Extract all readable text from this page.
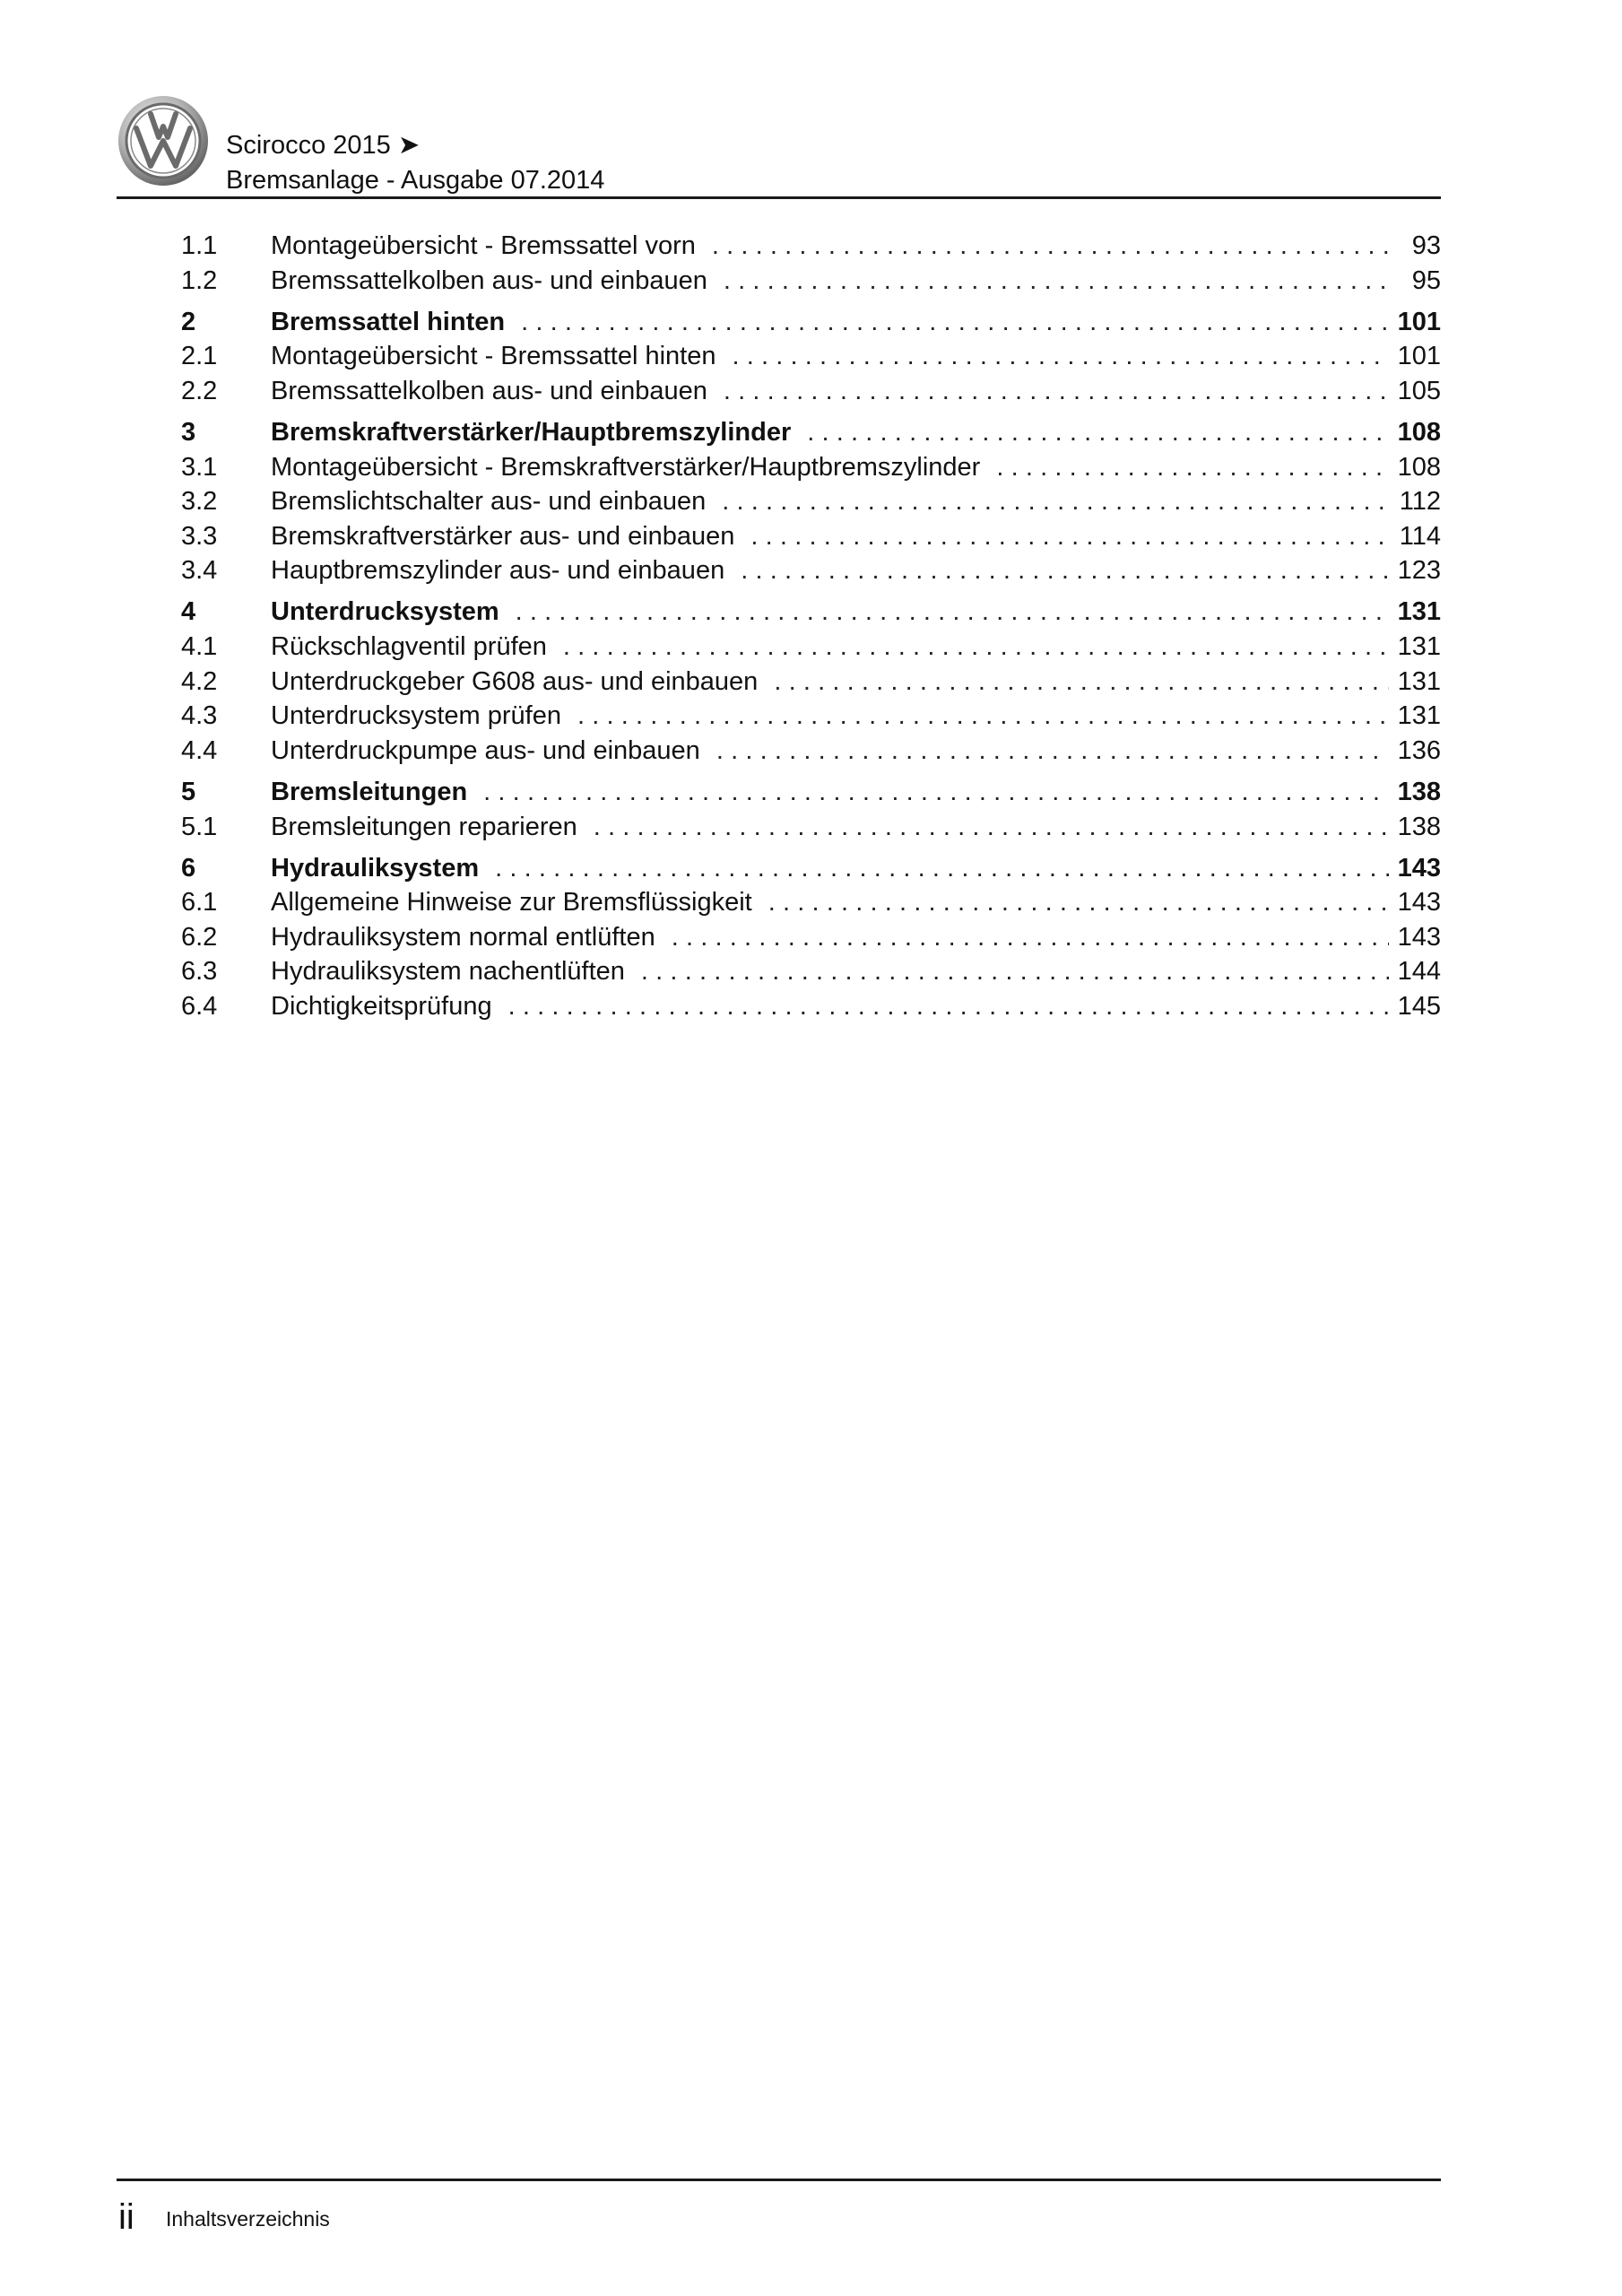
Scirocco 2015 ➤
Bremsanlage - Ausgabe 07.2014
1.1	Montageübersicht - Bremssattel vorn .....	93
1.2	Bremssattelkolben aus- und einbauen .....	95
2	Bremssattel hinten .....	101
2.1	Montageübersicht - Bremssattel hinten .....	101
2.2	Bremssattelkolben aus- und einbauen .....	105
3	Bremskraftverstärker/Hauptbremszylinder .....	108
3.1	Montageübersicht - Bremskraftverstärker/Hauptbremszylinder .....	108
3.2	Bremslichtschalter aus- und einbauen .....	112
3.3	Bremskraftverstärker aus- und einbauen .....	114
3.4	Hauptbremszylinder aus- und einbauen .....	123
4	Unterdrucksystem .....	131
4.1	Rückschlagventil prüfen .....	131
4.2	Unterdruckgeber G608 aus- und einbauen .....	131
4.3	Unterdrucksystem prüfen .....	131
4.4	Unterdruckpumpe aus- und einbauen .....	136
5	Bremsleitungen .....	138
5.1	Bremsleitungen reparieren .....	138
6	Hydrauliksystem .....	143
6.1	Allgemeine Hinweise zur Bremsflüssigkeit .....	143
6.2	Hydrauliksystem normal entlüften .....	143
6.3	Hydrauliksystem nachentlüften .....	144
6.4	Dichtigkeitsprüfung .....	145
ii Inhaltsverzeichnis
